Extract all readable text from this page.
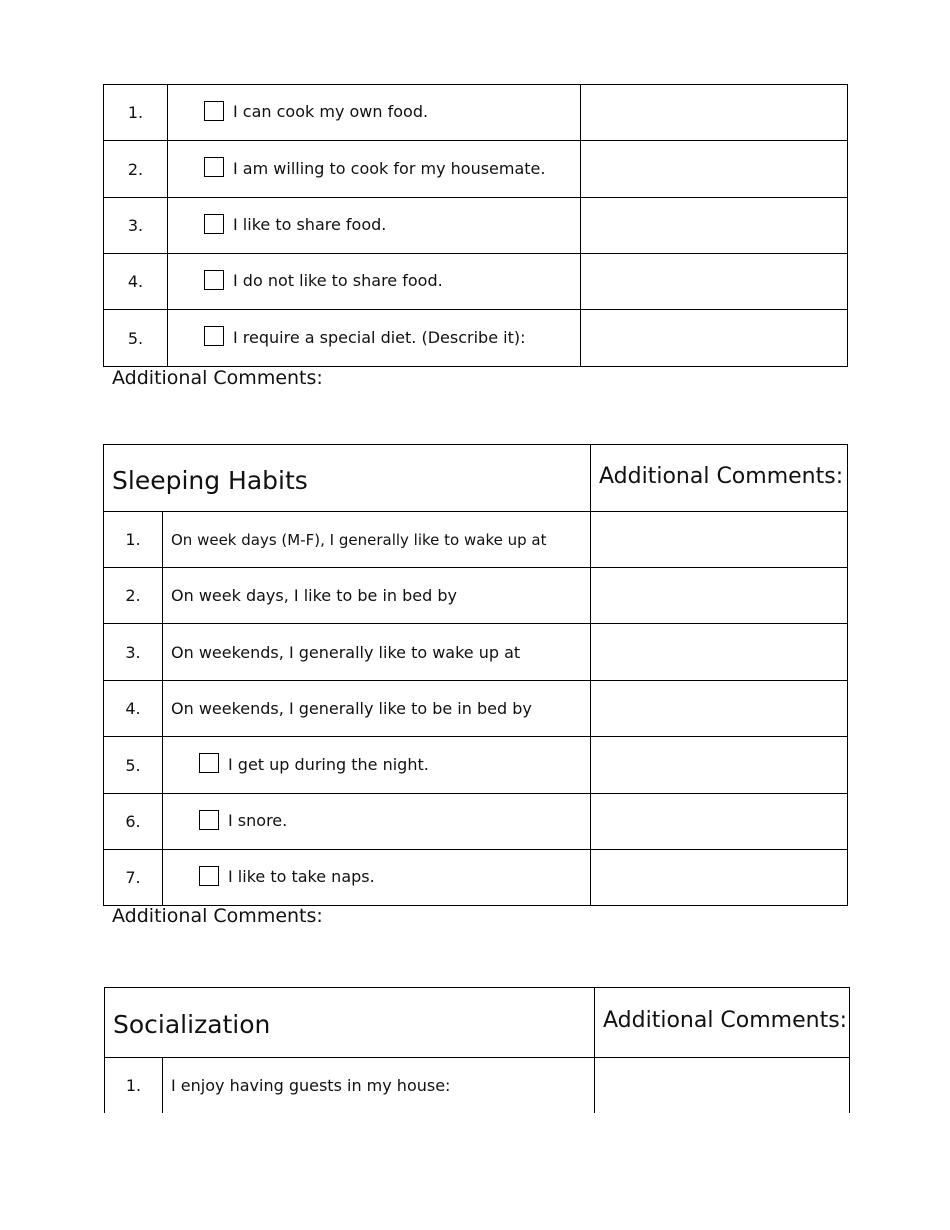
1.	I can cook my own food.	
2.	I am willing to cook for my housemate.	
3.	I like to share food.	
4.	I do not like to share food.	
5.	I require a special diet. (Describe it):	
Additional Comments:
Sleeping Habits		Additional Comments:
1.	On week days (M-F), I generally like to wake up at	
2.	On week days, I like to be in bed by	
3.	On weekends, I generally like to wake up at	
4.	On weekends, I generally like to be in bed by	
5.	I get up during the night.	
6.	I snore.	
7.	I like to take naps.	
Additional Comments:
Socialization		Additional Comments:
1.	I enjoy having guests in my house:	
